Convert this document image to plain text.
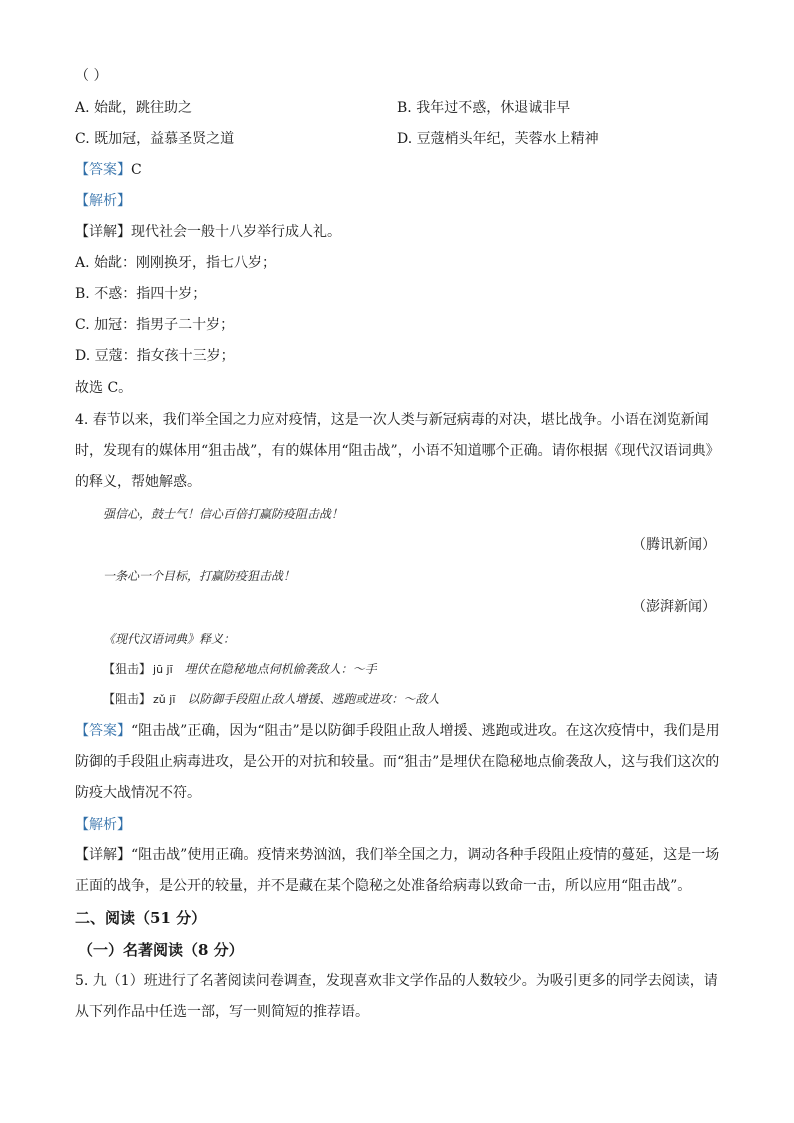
（ ）
A. 始龀，跳往助之	B. 我年过不惑，休退诚非早
C. 既加冠，益慕圣贤之道	D. 豆蔻梢头年纪，芙蓉水上精神
【答案】C
【解析】
【详解】现代社会一般十八岁举行成人礼。
A. 始龀：刚刚换牙，指七八岁；
B. 不惑：指四十岁；
C. 加冠：指男子二十岁；
D. 豆蔻：指女孩十三岁；
故选 C。
4. 春节以来，我们举全国之力应对疫情，这是一次人类与新冠病毒的对决，堪比战争。小语在浏览新闻时，发现有的媒体用“狙击战”，有的媒体用“阻击战”，小语不知道哪个正确。请你根据《现代汉语词典》的释义，帮她解惑。
强信心，鼓士气！信心百倍打赢防疫阻击战！
（腾讯新闻）
一条心一个目标，打赢防疫狙击战！
（澎湃新闻）
《现代汉语词典》释义：
【狙击】 jū jī 埋伏在隐秘地点伺机偷袭敌人：～手
【阻击】 zǔ jī 以防御手段阻止敌人增援、逃跑或进攻：～敌人
【答案】“阻击战”正确，因为“阻击”是以防御手段阻止敌人增援、逃跑或进攻。在这次疫情中，我们是用防御的手段阻止病毒进攻，是公开的对抗和较量。而“狙击”是埋伏在隐秘地点偷袭敌人，这与我们这次的防疫大战情况不符。
【解析】
【详解】“阻击战”使用正确。疫情来势汹汹，我们举全国之力，调动各种手段阻止疫情的蔓延，这是一场正面的战争，是公开的较量，并不是藏在某个隐秘之处准备给病毒以致命一击，所以应用“阻击战”。
二、阅读（51 分）
（一）名著阅读（8 分）
5. 九（1）班进行了名著阅读问卷调查，发现喜欢非文学作品的人数较少。为吸引更多的同学去阅读，请从下列作品中任选一部，写一则简短的推荐语。
